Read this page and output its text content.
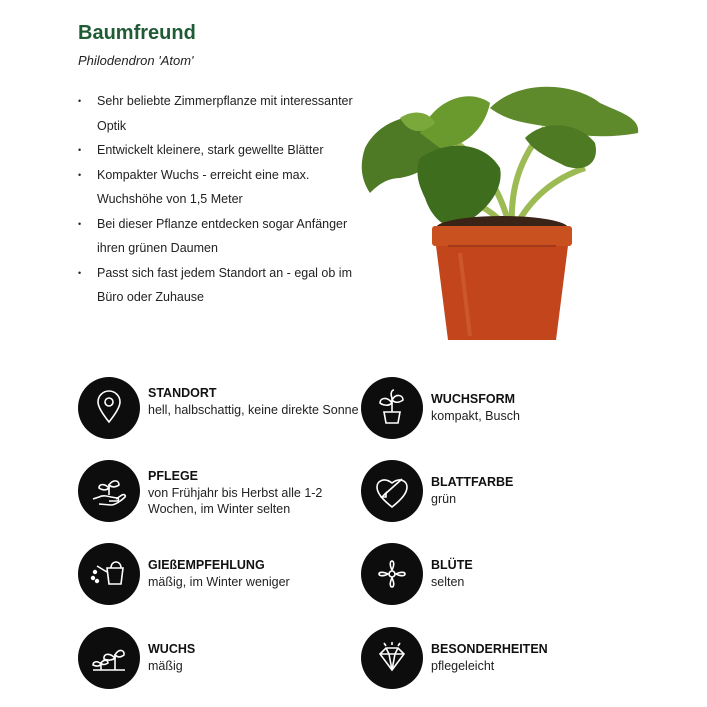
Baumfreund

Philodendron 'Atom'

• Sehr beliebte Zimmerpflanze mit interessanter Optik
• Entwickelt kleinere, stark gewellte Blätter
• Kompakter Wuchs - erreicht eine max. Wuchshöhe von 1,5 Meter
• Bei dieser Pflanze entdecken sogar Anfänger ihren grünen Daumen
• Passt sich fast jedem Standort an - egal ob im Büro oder Zuhause
STANDORT
hell, halbschattig, keine direkte Sonne
WUCHSFORM
kompakt, Busch
PFLEGE
von Frühjahr bis Herbst alle 1-2 Wochen, im Winter selten
BLATTFARBE
grün
GIEßEMPFEHLUNG
mäßig, im Winter weniger
BLÜTE
selten
WUCHS
mäßig
BESONDERHEITEN
pflegeleicht
